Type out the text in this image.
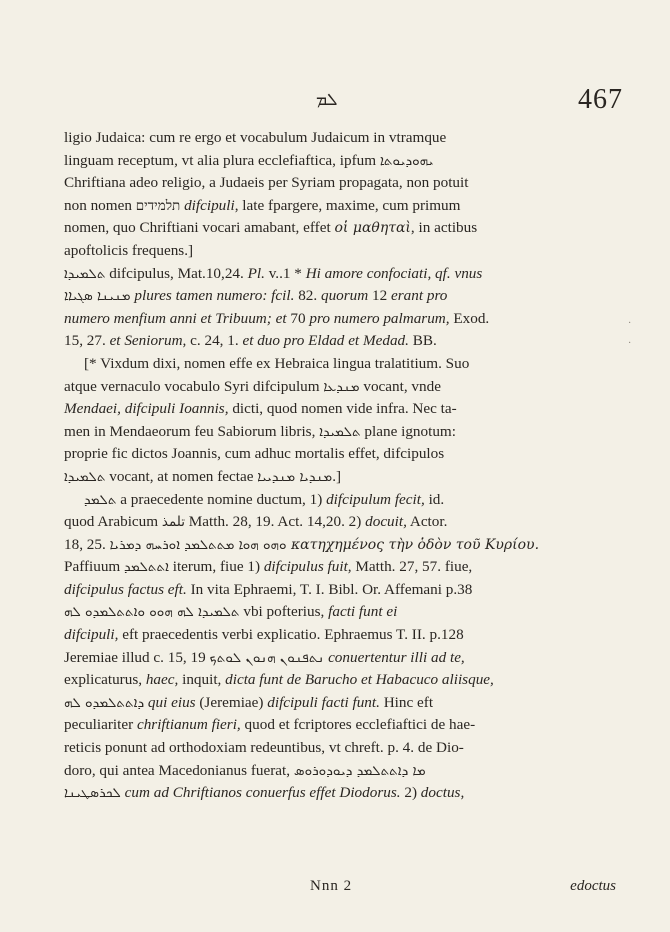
ܠܡ	467

ligio Judaica: cum re ergo et vocabulum Judaicum in vtramque

linguam receptum, vt alia plura ecclefiaftica, ipfum ܝܗܘܕܝܘܬܐ

Chriftiana adeo religio, a Judaeis per Syriam propagata, non potuit

non nomen תלמידים difcipuli, late fpargere, maxime, cum primum

nomen, quo Chriftiani vocari amabant, effet οἱ μαθηταὶ, in actibus

apoftolicis frequens.]

ܬܠܡܝܕܐ difcipulus, Mat.10,24. Pl. v..1 * Hi amore confociati, qf. vnus

ܡܢܝܢܐ ܣܓܝܐܐ plures tamen numero: fcil. 82. quorum 12 erant pro

numero menfium anni et Tribuum; et 70 pro numero palmarum, Exod.

15, 27. et Seniorum, c. 24, 1. et duo pro Eldad et Medad. BB.

[* Vixdum dixi, nomen effe ex Hebraica lingua tralatitium. Suo

atque vernaculo vocabulo Syri difcipulum ܡܢܕܥܐ vocant, vnde

Mendaei, difcipuli Ioannis, dicti, quod nomen vide infra. Nec ta-

men in Mendaeorum feu Sabiorum libris, ܬܠܡܝܕܐ plane ignotum:

proprie fic dictos Joannis, cum adhuc mortalis effet, difcipulos

ܬܠܡܝܕܐ vocant, at nomen fectae ܡܢܕܝܐ ܡܢܕܝܝܐ.]

ܬܠܡܕ a praecedente nomine ductum, 1) difcipulum fecit, id.

quod Arabicum تلمذ Matth. 28, 19. Act. 14,20. 2) docuit, Actor.

18, 25. ܘܗܘ ܗܘܐ ܡܬܬܠܡܕ ܐܘܪܚܗ ܕܡܪܝܐ κατηχημένος τὴν ὁδὸν τοῦ Κυρίου.

Paffiuum ܐܬܬܠܡܕ iterum, fiue 1) difcipulus fuit, Matth. 27, 57. fiue,

difcipulus factus eft. In vita Ephraemi, T. I. Bibl. Or. Affemani p.38

ܬܠܡܝܕܐ ܠܗ ܗܘܘ ܘܐܬܬܠܡܕܘ ܠܗ vbi pofterius, facti funt ei

difcipuli, eft praecedentis verbi explicatio. Ephraemus T. II. p.128

Jeremiae illud c. 15, 19 ܢܬܦܢܘܢ ܗܢܘܢ ܠܘܬܟ conuertentur illi ad te,

explicaturus, haec, inquit, dicta funt de Barucho et Habacuco aliisque,

ܕܐܬܬܠܡܕܘ ܠܗ qui eius (Jeremiae) difcipuli facti funt. Hinc eft

peculiariter chriftianum fieri, quod et fcriptores ecclefiaftici de hae-

reticis ponunt ad orthodoxiam redeuntibus, vt chreft. p. 4. de Dio-

doro, qui antea Macedonianus fuerat, ܡܐ ܕܐܬܬܠܡܕ ܕܝܘܕܘܪܘܣ

ܠܟܪܣܛܝܢܐ cum ad Chriftianos conuerfus effet Diodorus. 2) doctus,

Nnn 2	edoctus
·
·
